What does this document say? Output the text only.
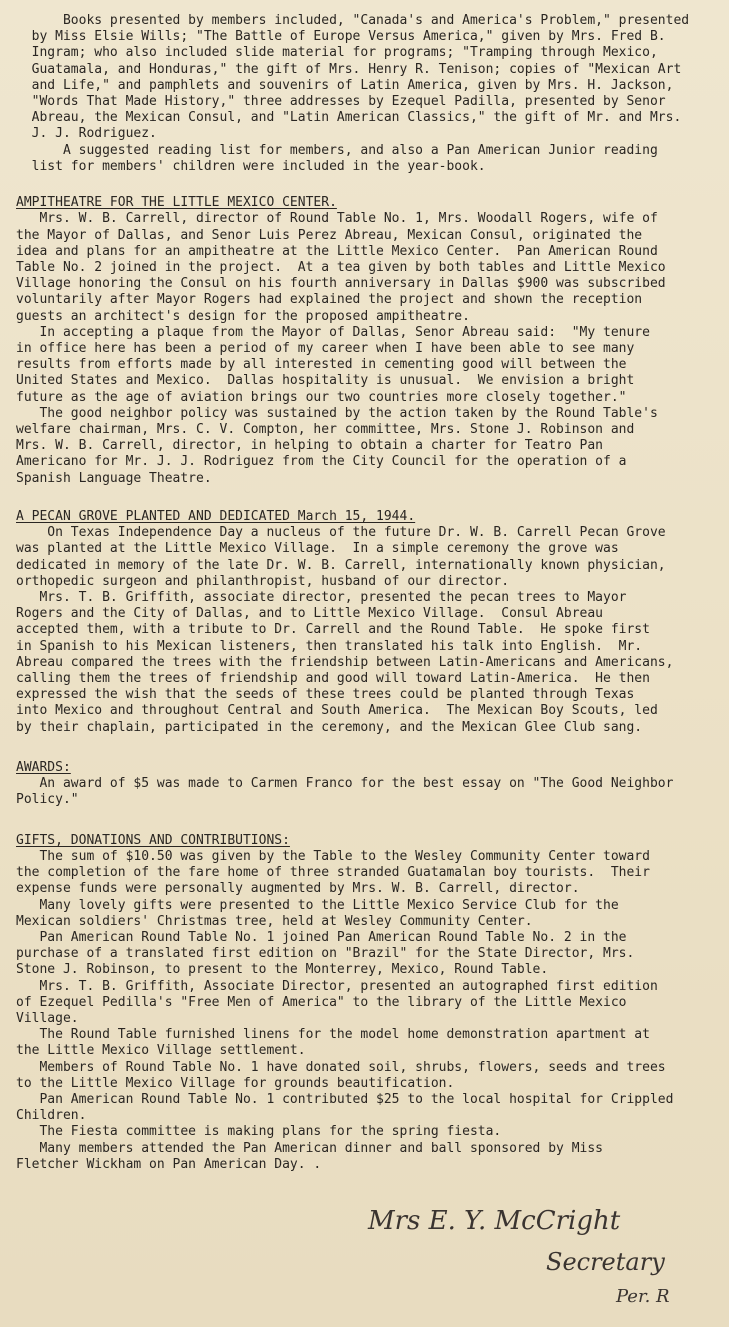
Books presented by members included, "Canada's and America's Problem," presented
by Miss Elsie Wills; "The Battle of Europe Versus America," given by Mrs. Fred B.
Ingram; who also included slide material for programs; "Tramping through Mexico,
Guatamala, and Honduras," the gift of Mrs. Henry R. Tenison; copies of "Mexican Art
and Life," and pamphlets and souvenirs of Latin America, given by Mrs. H. Jackson,
"Words That Made History," three addresses by Ezequel Padilla, presented by Senor
Abreau, the Mexican Consul, and "Latin American Classics," the gift of Mr. and Mrs.
J. J. Rodriguez.
A suggested reading list for members, and also a Pan American Junior reading
list for members' children were included in the year-book.
AMPITHEATRE FOR THE LITTLE MEXICO CENTER.
Mrs. W. B. Carrell, director of Round Table No. 1, Mrs. Woodall Rogers, wife of
the Mayor of Dallas, and Senor Luis Perez Abreau, Mexican Consul, originated the
idea and plans for an ampitheatre at the Little Mexico Center.  Pan American Round
Table No. 2 joined in the project.  At a tea given by both tables and Little Mexico
Village honoring the Consul on his fourth anniversary in Dallas $900 was subscribed
voluntarily after Mayor Rogers had explained the project and shown the reception
guests an architect's design for the proposed ampitheatre.
In accepting a plaque from the Mayor of Dallas, Senor Abreau said:  "My tenure
in office here has been a period of my career when I have been able to see many
results from efforts made by all interested in cementing good will between the
United States and Mexico.  Dallas hospitality is unusual.  We envision a bright
future as the age of aviation brings our two countries more closely together."
The good neighbor policy was sustained by the action taken by the Round Table's
welfare chairman, Mrs. C. V. Compton, her committee, Mrs. Stone J. Robinson and
Mrs. W. B. Carrell, director, in helping to obtain a charter for Teatro Pan
Americano for Mr. J. J. Rodriguez from the City Council for the operation of a
Spanish Language Theatre.
A PECAN GROVE PLANTED AND DEDICATED March 15, 1944.
On Texas Independence Day a nucleus of the future Dr. W. B. Carrell Pecan Grove
was planted at the Little Mexico Village.  In a simple ceremony the grove was
dedicated in memory of the late Dr. W. B. Carrell, internationally known physician,
orthopedic surgeon and philanthropist, husband of our director.
Mrs. T. B. Griffith, associate director, presented the pecan trees to Mayor
Rogers and the City of Dallas, and to Little Mexico Village.  Consul Abreau
accepted them, with a tribute to Dr. Carrell and the Round Table.  He spoke first
in Spanish to his Mexican listeners, then translated his talk into English.  Mr.
Abreau compared the trees with the friendship between Latin-Americans and Americans,
calling them the trees of friendship and good will toward Latin-America.  He then
expressed the wish that the seeds of these trees could be planted through Texas
into Mexico and throughout Central and South America.  The Mexican Boy Scouts, led
by their chaplain, participated in the ceremony, and the Mexican Glee Club sang.
AWARDS:
An award of $5 was made to Carmen Franco for the best essay on "The Good Neighbor
Policy."
GIFTS, DONATIONS AND CONTRIBUTIONS:
The sum of $10.50 was given by the Table to the Wesley Community Center toward
the completion of the fare home of three stranded Guatamalan boy tourists.  Their
expense funds were personally augmented by Mrs. W. B. Carrell, director.
Many lovely gifts were presented to the Little Mexico Service Club for the
Mexican soldiers' Christmas tree, held at Wesley Community Center.
Pan American Round Table No. 1 joined Pan American Round Table No. 2 in the
purchase of a translated first edition on "Brazil" for the State Director, Mrs.
Stone J. Robinson, to present to the Monterrey, Mexico, Round Table.
Mrs. T. B. Griffith, Associate Director, presented an autographed first edition
of Ezequel Pedilla's "Free Men of America" to the library of the Little Mexico
Village.
The Round Table furnished linens for the model home demonstration apartment at
the Little Mexico Village settlement.
Members of Round Table No. 1 have donated soil, shrubs, flowers, seeds and trees
to the Little Mexico Village for grounds beautification.
Pan American Round Table No. 1 contributed $25 to the local hospital for Crippled
Children.
The Fiesta committee is making plans for the spring fiesta.
Many members attended the Pan American dinner and ball sponsored by Miss
Fletcher Wickham on Pan American Day. .
Mrs E. Y. McCright
Secretary
Per. R
